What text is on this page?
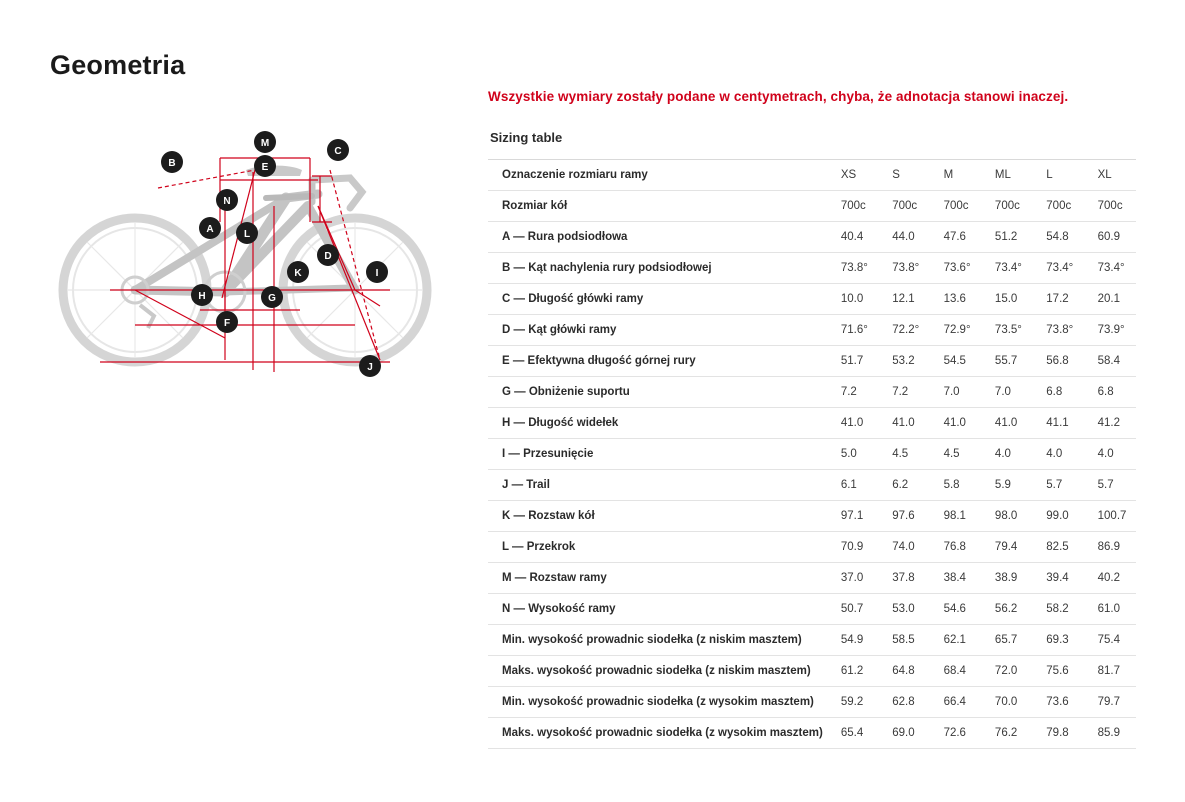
Geometria
M
B	E
C
N
A	L
D
K	I
H	G
F
J

Wszystkie wymiary zostały podane w centymetrach, chyba, że adnotacja stanowi inaczej.

Sizing table
Oznaczenie rozmiaru ramy	XS	S	M	ML	L	XL
Rozmiar kół	700c	700c	700c	700c	700c	700c
A — Rura podsiodłowa	40.4	44.0	47.6	51.2	54.8	60.9
B — Kąt nachylenia rury podsiodłowej	73.8°	73.8°	73.6°	73.4°	73.4°	73.4°
C — Długość główki ramy	10.0	12.1	13.6	15.0	17.2	20.1
D — Kąt główki ramy	71.6°	72.2°	72.9°	73.5°	73.8°	73.9°
E — Efektywna długość górnej rury	51.7	53.2	54.5	55.7	56.8	58.4
G — Obniżenie suportu	7.2	7.2	7.0	7.0	6.8	6.8
H — Długość widełek	41.0	41.0	41.0	41.0	41.1	41.2
I — Przesunięcie	5.0	4.5	4.5	4.0	4.0	4.0
J — Trail	6.1	6.2	5.8	5.9	5.7	5.7
K — Rozstaw kół	97.1	97.6	98.1	98.0	99.0	100.7
L — Przekrok	70.9	74.0	76.8	79.4	82.5	86.9
M — Rozstaw ramy	37.0	37.8	38.4	38.9	39.4	40.2
N — Wysokość ramy	50.7	53.0	54.6	56.2	58.2	61.0
Min. wysokość prowadnic siodełka (z niskim masztem)	54.9	58.5	62.1	65.7	69.3	75.4
Maks. wysokość prowadnic siodełka (z niskim masztem)	61.2	64.8	68.4	72.0	75.6	81.7
Min. wysokość prowadnic siodełka (z wysokim masztem)	59.2	62.8	66.4	70.0	73.6	79.7
Maks. wysokość prowadnic siodełka (z wysokim masztem)	65.4	69.0	72.6	76.2	79.8	85.9
